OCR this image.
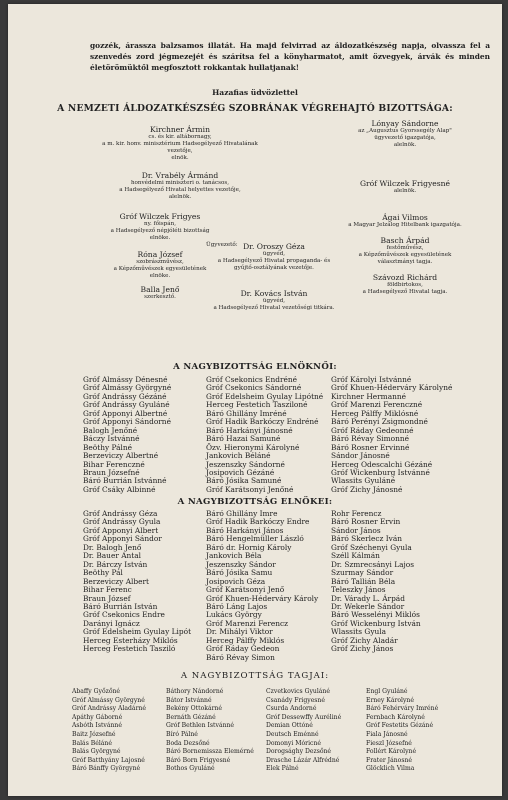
gozzék, árassza balzsamos illatát. Ha majd felvirrad az áldozatkészség napja, olvassza fel a szenvedés zord jégmezejét és szárítsa fel a könyharmatot, amit özvegyek, árvák és minden életörömüktől megfosztott rokkantak hullatjanak!
Hazafias üdvözlettel
A NEMZETI ÁLDOZATKÉSZSÉG SZOBRÁNAK VÉGREHAJTÓ BIZOTTSÁGA:
Kirchner Ármin
cs. és kir. altábornagy,
a m. kir. honv. minisztérium Hadsegélyező Hivatalának
vezetője,
elnök.
Dr. Vrabély Ármánd
honvédelmi miniszteri o. tanácsos,
a Hadsegélyező Hivatal helyettes vezetője,
alelnök.
Gróf Wilczek Frigyes
ny. főispán,
a Hadsegélyező népjóléti bizottság
elnöke.
Róna József
szobrászművész,
a Képzőművészek egyesületének
elnöke.
Balla Jenő
szerkesztő.
Ügyvezető: Dr. Oroszy Géza
ügyvéd,
a Hadsegélyező Hivatal propaganda- és
gyűjtő-osztályának vezetője.
Dr. Kovács István
ügyvéd,
a Hadsegélyező Hivatal vezetőségi titkára.
Lónyay Sándorne
az „Augusztus Gyorssegély Alap"
ügyvezető igazgatója,
alelnök.
Gróf Wilczek Frigyesné
alelnök.
Ágai Vilmos
a Magyar Jelzálog Hitelbank igazgatója.
Basch Árpád
festőművész,
a Képzőművészek egyesületének
választmányi tagja.
Szávozd Richárd
földbirtokos,
a Hadsegélyező Hivatal tagja.
A NAGYBIZOTTSÁG ELNÖKNŐI:
Gróf Almássy Dénesné
Gróf Almássy Györgyné
Gróf Andrássy Gézáné
Gróf Andrássy Gyuláné
Gróf Apponyi Albertné
Gróf Apponyi Sándorné
Balogh Jenőné
Báczy Istvánné
Beöthy Pálné
Berzeviczy Albertné
Bihar Ferenczné
Braun Józsefné
Báró Burrián Istvánné
Gróf Csáky Albinné
Gróf Csekonics Endréné
Gróf Csekonics Sándorné
Gróf Edelsheim Gyulay Lipótné
Herceg Festetich Tasziloné
Báró Ghillány Imréné
Gróf Hadik Barkóczy Endréné
Báró Harkányi Jánosné
Báró Hazai Samuné
Özv. Hieronymi Károlyné
Jankovich Béláné
Jeszenszky Sándorné
Josipovich Gézáné
Báró Jósika Samuné
Gróf Karátsonyi Jenőné
Gróf Károlyi Istvánné
Gróf Khuen-Héderváry Károlyné
Kirchner Hermanné
Gróf Marenzi Ferenczné
Herceg Pálffy Miklósné
Báró Perényi Zsigmondné
Gróf Ráday Gedeonné
Báró Révay Simonné
Báró Rosner Ervinné
Sándor Jánosné
Herceg Odescalchi Gézáné
Gróf Wickenburg Istvánné
Wlassits Gyuláné
Gróf Zichy Jánosné
A NAGYBIZOTTSÁG ELNÖKEI:
Gróf Andrássy Géza
Gróf Andrássy Gyula
Gróf Apponyi Albert
Gróf Apponyi Sándor
Dr. Balogh Jenő
Dr. Bauer Antal
Dr. Bárczy István
Beöthy Pál
Berzeviczy Albert
Bihar Ferenc
Braun József
Báró Burrián István
Gróf Csekonics Endre
Darányi Ignácz
Gróf Edelsheim Gyulay Lipót
Herceg Esterházy Miklós
Herceg Festetich Tasziló
Báró Ghillány Imre
Gróf Hadik Barkóczy Endre
Báró Harkányi János
Báró Hengelmüller László
Báró dr. Hornig Károly
Jankovich Béla
Jeszenszky Sándor
Báró Jósika Samu
Josipovich Géza
Gróf Karátsonyi Jenő
Gróf Khuen-Héderváry Károly
Báró Láng Lajos
Lukács György
Gróf Marenzi Ferencz
Dr. Mihályi Viktor
Herceg Pálffy Miklós
Gróf Ráday Gedeon
Báró Révay Simon
Rohr Ferencz
Báró Rosner Ervin
Sándor János
Báró Skerlecz Iván
Gróf Széchenyi Gyula
Széll Kálmán
Dr. Szmrecsányi Lajos
Szurmay Sándor
Báró Tallián Béla
Teleszky János
Dr. Várady L. Árpád
Dr. Wekerle Sándor
Báró Wesselényi Miklós
Gróf Wickenburg István
Wlassits Gyula
Gróf Zichy Aladár
Gróf Zichy János
A NAGYBIZOTTSÁG TAGJAI:
Abaffy Győzőné
Gróf Almássy Györgyné
Gróf Andrássy Aladárné
Apáthy Gáborné
Asbóth Istvánné
Baitz Józsefné
Balás Béláné
Balás Györgyné
Gróf Batthyány Lajosné
Báró Bánffy Györgyné
Báthory Nándorné
Bátor Istvánné
Bekény Ottokárné
Bernáth Gézáné
Gróf Bethlen Istvánné
Bíró Pálné
Boda Dezsőné
Báró Bornemissza Elemérné
Báró Born Frigyesné
Bothos Gyuláné
Czvetkovics Gyuláné
Csanády Frigyesné
Csurda Andorné
Gróf Dessewffy Auréliné
Demian Ottóné
Deutsch Eménné
Domonyi Móricné
Dorogsághy Dezsőné
Drasche Lázár Alfrédné
Elek Pálné
Engl Gyuláné
Erney Károlyné
Báró Fehérváry Imréné
Fernbach Károlyné
Gróf Festetits Gézáné
Fiala Jánosné
Fieszl Józsefné
Follért Károlyné
Frater Jánosné
Glöcklich Vilma
